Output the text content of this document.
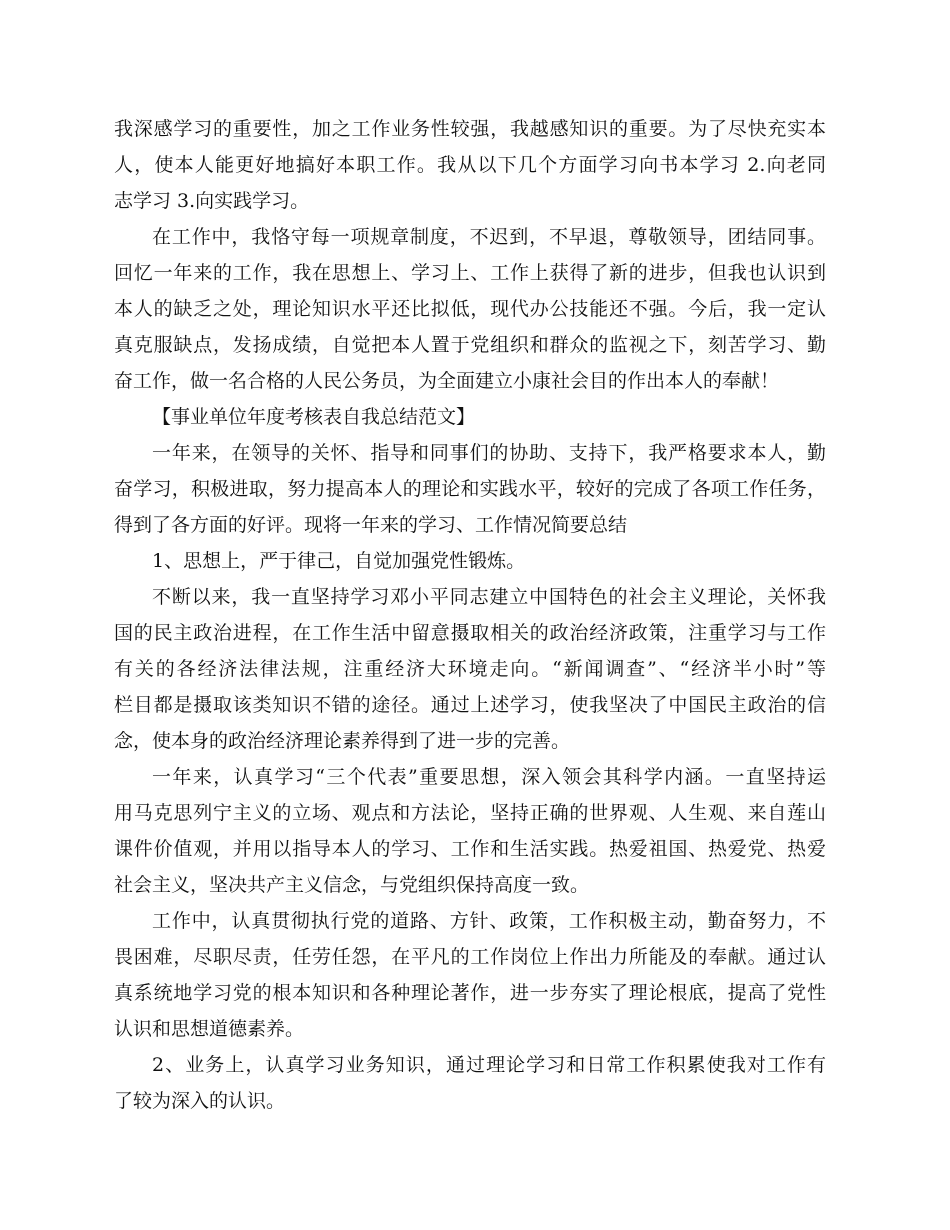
我深感学习的重要性，加之工作业务性较强，我越感知识的重要。为了尽快充实本
人，使本人能更好地搞好本职工作。我从以下几个方面学习向书本学习 2.向老同
志学习 3.向实践学习。
在工作中，我恪守每一项规章制度，不迟到，不早退，尊敬领导，团结同事。
回忆一年来的工作，我在思想上、学习上、工作上获得了新的进步，但我也认识到
本人的缺乏之处，理论知识水平还比拟低，现代办公技能还不强。今后，我一定认
真克服缺点，发扬成绩，自觉把本人置于党组织和群众的监视之下，刻苦学习、勤
奋工作，做一名合格的人民公务员，为全面建立小康社会目的作出本人的奉献！
【事业单位年度考核表自我总结范文】
一年来，在领导的关怀、指导和同事们的协助、支持下，我严格要求本人，勤
奋学习，积极进取，努力提高本人的理论和实践水平，较好的完成了各项工作任务，
得到了各方面的好评。现将一年来的学习、工作情况简要总结
1、思想上，严于律己，自觉加强党性锻炼。
不断以来，我一直坚持学习邓小平同志建立中国特色的社会主义理论，关怀我
国的民主政治进程，在工作生活中留意摄取相关的政治经济政策，注重学习与工作
有关的各经济法律法规，注重经济大环境走向。“新闻调查”、“经济半小时”等
栏目都是摄取该类知识不错的途径。通过上述学习，使我坚决了中国民主政治的信
念，使本身的政治经济理论素养得到了进一步的完善。
一年来，认真学习“三个代表”重要思想，深入领会其科学内涵。一直坚持运
用马克思列宁主义的立场、观点和方法论，坚持正确的世界观、人生观、来自莲山
课件价值观，并用以指导本人的学习、工作和生活实践。热爱祖国、热爱党、热爱
社会主义，坚决共产主义信念，与党组织保持高度一致。
工作中，认真贯彻执行党的道路、方针、政策，工作积极主动，勤奋努力，不
畏困难，尽职尽责，任劳任怨，在平凡的工作岗位上作出力所能及的奉献。通过认
真系统地学习党的根本知识和各种理论著作，进一步夯实了理论根底，提高了党性
认识和思想道德素养。
2、业务上，认真学习业务知识，通过理论学习和日常工作积累使我对工作有
了较为深入的认识。
